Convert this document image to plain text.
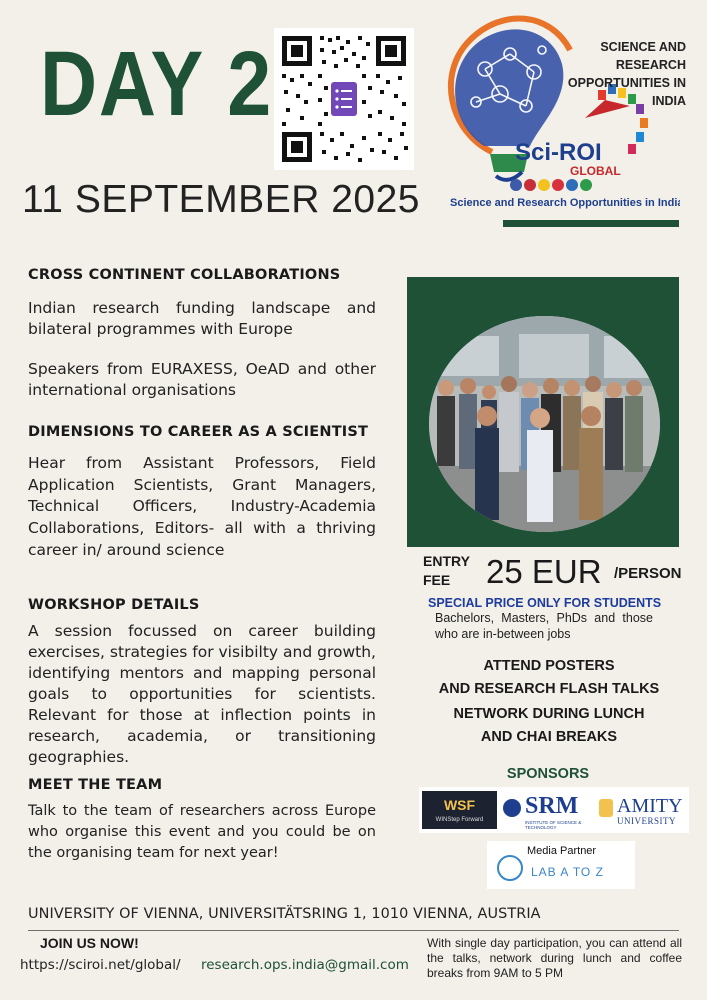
DAY 2
Sci-ROI
GLOBAL
Science and Research Opportunities in India
SCIENCE AND RESEARCH OPPORTUNITIES IN INDIA
11 SEPTEMBER 2025
CROSS CONTINENT COLLABORATIONS
Indian research funding landscape and bilateral programmes with Europe
Speakers from EURAXESS, OeAD and other international organisations
DIMENSIONS TO CAREER AS A SCIENTIST
Hear from Assistant Professors, Field Application Scientists, Grant Managers, Technical Officers, Industry-Academia Collaborations, Editors- all with a thriving career in/ around science
WORKSHOP DETAILS
A session focussed on career building exercises, strategies for visibilty and growth, identifying mentors and mapping personal goals to opportunities for scientists. Relevant for those at inflection points in research, academia, or transitioning geographies.
MEET THE TEAM
Talk to the team of researchers across Europe who organise this event and you could be on the organising team for next year!
ENTRY
FEE	25 EUR /PERSON
SPECIAL PRICE ONLY FOR STUDENTS
Bachelors, Masters, PhDs and those who are in-between jobs
ATTEND POSTERS
AND RESEARCH FLASH TALKS
NETWORK DURING LUNCH
AND CHAI BREAKS
SPONSORS
WSF
WINStep Forward
SRM
INSTITUTE OF SCIENCE & TECHNOLOGY
AMITY
UNIVERSITY
Media Partner
LAB A TO Z
UNIVERSITY OF VIENNA, UNIVERSITÄTSRING 1, 1010 VIENNA, AUSTRIA
JOIN US NOW!
https://sciroi.net/global/ research.ops.india@gmail.com
With single day participation, you can attend all the talks, network during lunch and coffee breaks from 9AM to 5 PM
